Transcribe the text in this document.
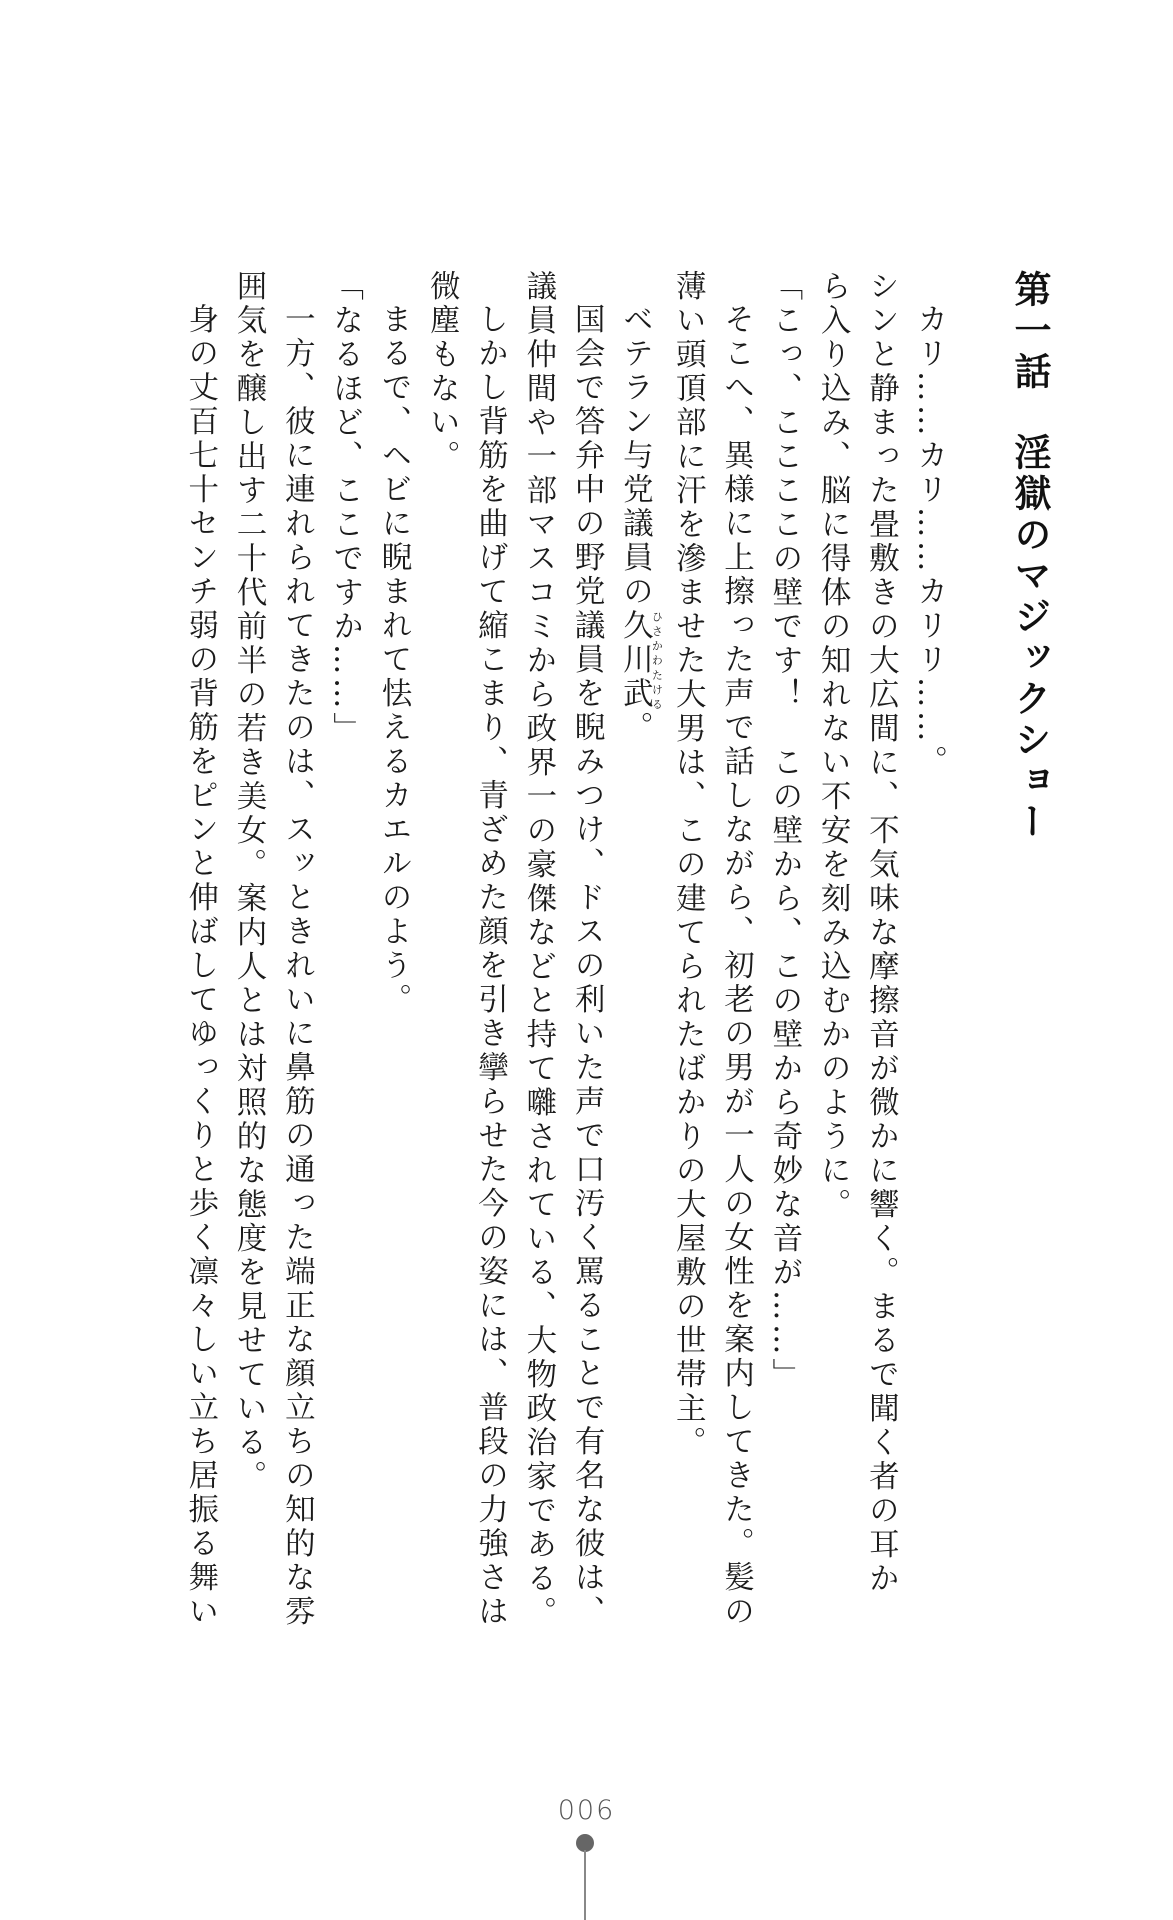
第一話淫獄のマジックショー
カリ……カリ……カリリ……。
シンと静まった畳敷きの大広間に、不気味な摩擦音が微かに響く。まるで聞く者の耳か
ら入り込み、脳に得体の知れない不安を刻み込むかのように。
「こっ、ここここの壁です！　この壁から、この壁から奇妙な音が……」
そこへ、異様に上擦った声で話しながら、初老の男が一人の女性を案内してきた。髪の
薄い頭頂部に汗を滲ませた大男は、この建てられたばかりの大屋敷の世帯主。
ベテラン与党議員の久川武ひさかわたける。
国会で答弁中の野党議員を睨みつけ、ドスの利いた声で口汚く罵ることで有名な彼は、
議員仲間や一部マスコミから政界一の豪傑などと持て囃されている、大物政治家である。
しかし背筋を曲げて縮こまり、青ざめた顔を引き攣らせた今の姿には、普段の力強さは
微塵もない。
まるで、ヘビに睨まれて怯えるカエルのよう。
「なるほど、ここですか……」
一方、彼に連れられてきたのは、スッときれいに鼻筋の通った端正な顔立ちの知的な雰
囲気を醸し出す二十代前半の若き美女。案内人とは対照的な態度を見せている。
身の丈百七十センチ弱の背筋をピンと伸ばしてゆっくりと歩く凛々しい立ち居振る舞い
006
